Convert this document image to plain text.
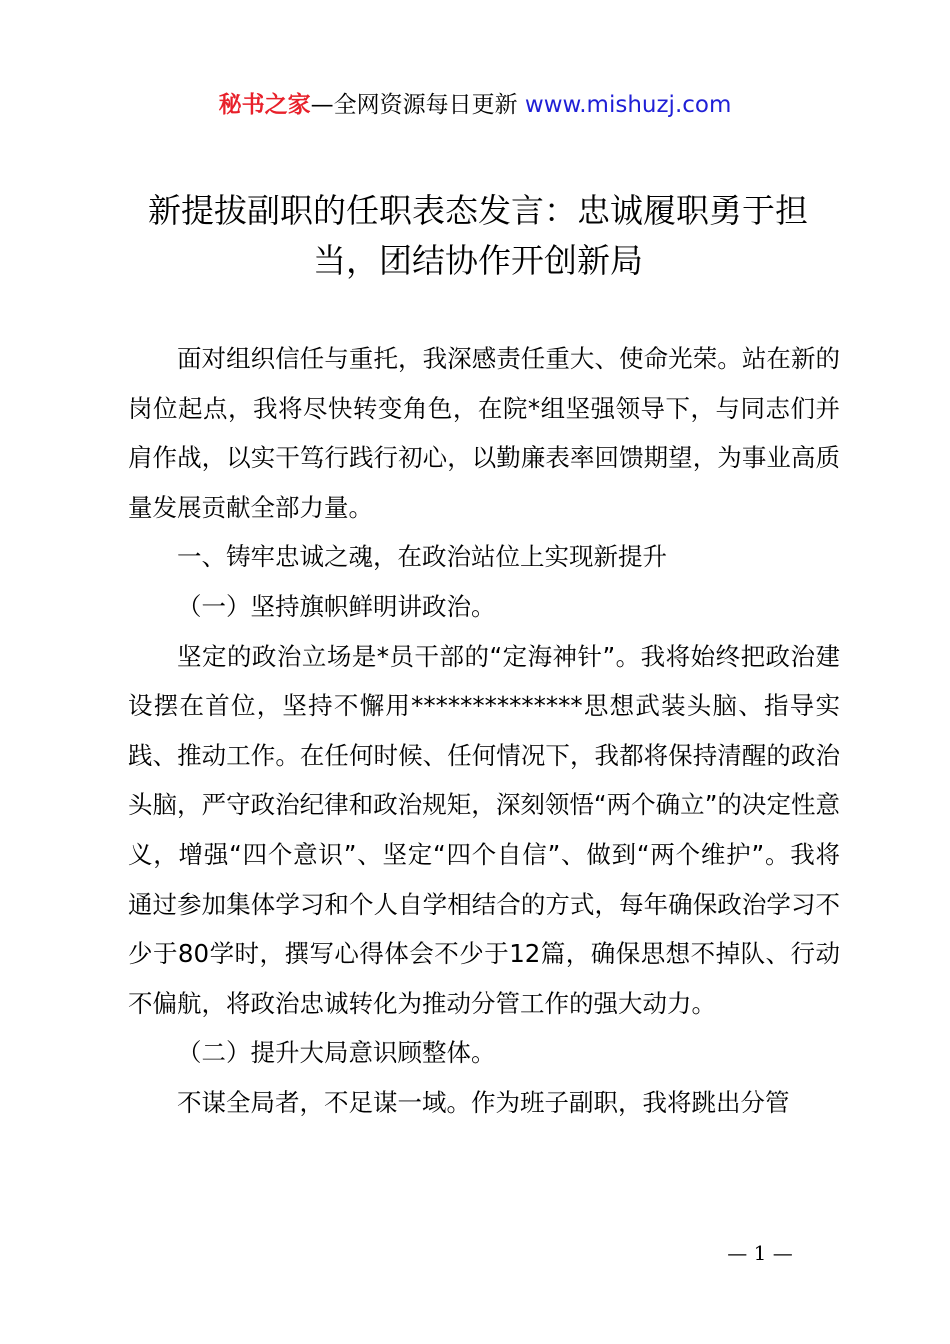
秘书之家—全网资源每日更新 www.mishuzj.com
新提拔副职的任职表态发言：忠诚履职勇于担当，团结协作开创新局

面对组织信任与重托，我深感责任重大、使命光荣。站在新的岗位起点，我将尽快转变角色，在院*组坚强领导下，与同志们并肩作战，以实干笃行践行初心，以勤廉表率回馈期望，为事业高质量发展贡献全部力量。

一、铸牢忠诚之魂，在政治站位上实现新提升

（一）坚持旗帜鲜明讲政治。

坚定的政治立场是*员干部的“定海神针”。我将始终把政治建设摆在首位，坚持不懈用**************思想武装头脑、指导实践、推动工作。在任何时候、任何情况下，我都将保持清醒的政治头脑，严守政治纪律和政治规矩，深刻领悟“两个确立”的决定性意义，增强“四个意识”、坚定“四个自信”、做到“两个维护”。我将通过参加集体学习和个人自学相结合的方式，每年确保政治学习不少于80学时，撰写心得体会不少于12篇，确保思想不掉队、行动不偏航，将政治忠诚转化为推动分管工作的强大动力。

（二）提升大局意识顾整体。

不谋全局者，不足谋一域。作为班子副职，我将跳出分管

— 1 —
